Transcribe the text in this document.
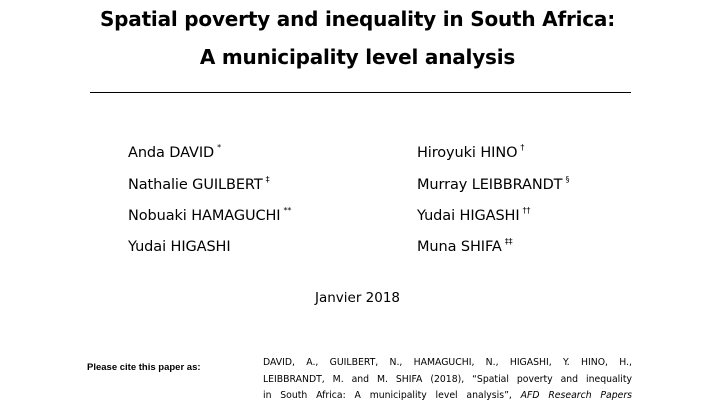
Spatial poverty and inequality in South Africa:
A municipality level analysis
Anda DAVID *
Nathalie GUILBERT ‡
Nobuaki HAMAGUCHI **
Yudai HIGASHI
Hiroyuki HINO †
Murray LEIBBRANDT §
Yudai HIGASHI ††
Muna SHIFA ‡‡
Janvier 2018
Please cite this paper as:	DAVID, A., GUILBERT, N., HAMAGUCHI, N., HIGASHI, Y. HINO, H.,
LEIBBRANDT, M. and M. SHIFA (2018), “Spatial poverty and inequality
in South Africa: A municipality level analysis”, AFD Research Papers
